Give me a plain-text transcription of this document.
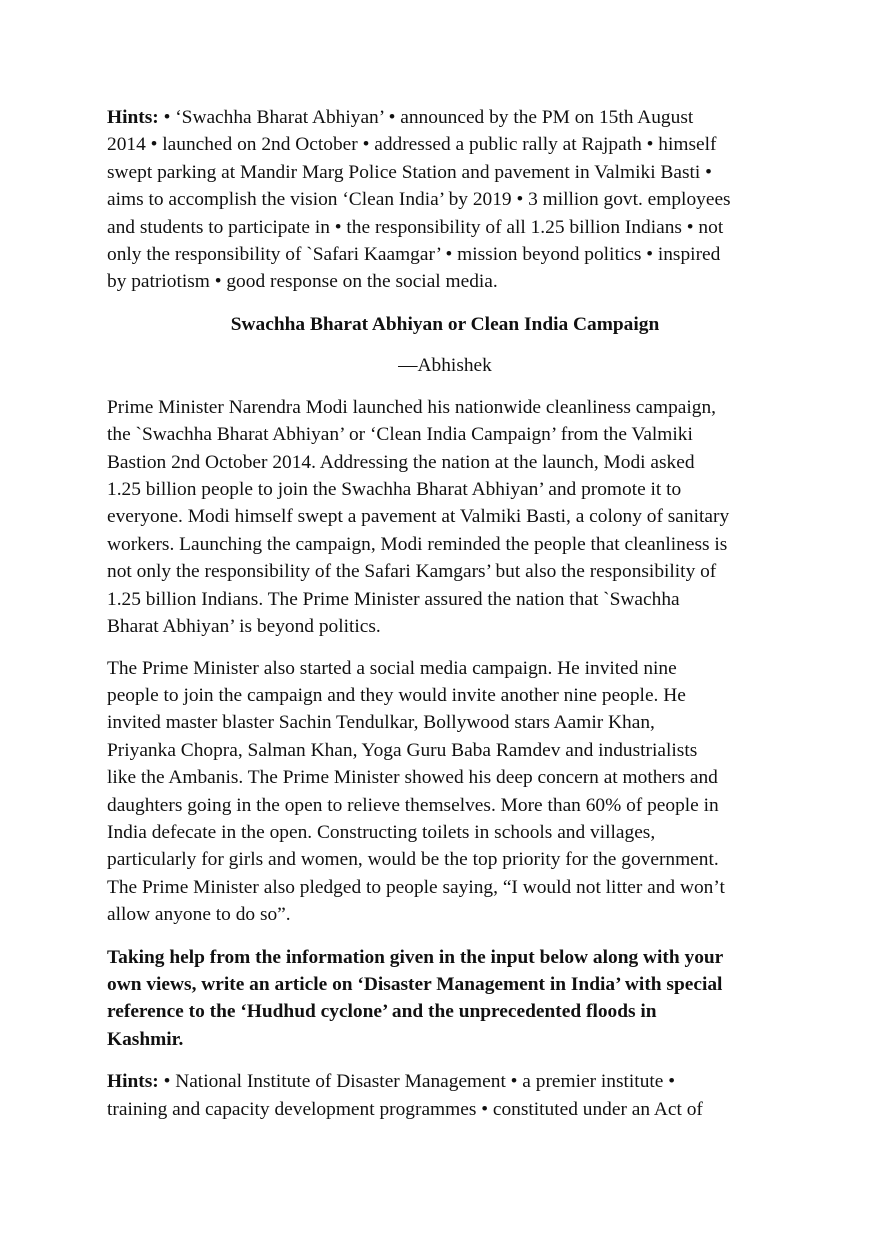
Hints: • ‘Swachha Bharat Abhiyan’ • announced by the PM on 15th August
2014 • launched on 2nd October • addressed a public rally at Rajpath • himself
swept parking at Mandir Marg Police Station and pavement in Valmiki Basti •
aims to accomplish the vision ‘Clean India’ by 2019 • 3 million govt. employees
and students to participate in • the responsibility of all 1.25 billion Indians • not
only the responsibility of `Safari Kaamgar’ • mission beyond politics • inspired
by patriotism • good response on the social media.

Swachha Bharat Abhiyan or Clean India Campaign

—Abhishek

Prime Minister Narendra Modi launched his nationwide cleanliness campaign,
the `Swachha Bharat Abhiyan’ or ‘Clean India Campaign’ from the Valmiki
Bastion 2nd October 2014. Addressing the nation at the launch, Modi asked
1.25 billion people to join the Swachha Bharat Abhiyan’ and promote it to
everyone. Modi himself swept a pavement at Valmiki Basti, a colony of sanitary
workers. Launching the campaign, Modi reminded the people that cleanliness is
not only the responsibility of the Safari Kamgars’ but also the responsibility of
1.25 billion Indians. The Prime Minister assured the nation that `Swachha
Bharat Abhiyan’ is beyond politics.

The Prime Minister also started a social media campaign. He invited nine
people to join the campaign and they would invite another nine people. He
invited master blaster Sachin Tendulkar, Bollywood stars Aamir Khan,
Priyanka Chopra, Salman Khan, Yoga Guru Baba Ramdev and industrialists
like the Ambanis. The Prime Minister showed his deep concern at mothers and
daughters going in the open to relieve themselves. More than 60% of people in
India defecate in the open. Constructing toilets in schools and villages,
particularly for girls and women, would be the top priority for the government.
The Prime Minister also pledged to people saying, “I would not litter and won’t
allow anyone to do so”.

Taking help from the information given in the input below along with your
own views, write an article on ‘Disaster Management in India’ with special
reference to the ‘Hudhud cyclone’ and the unprecedented floods in
Kashmir.

Hints: • National Institute of Disaster Management • a premier institute •
training and capacity development programmes • constituted under an Act of
